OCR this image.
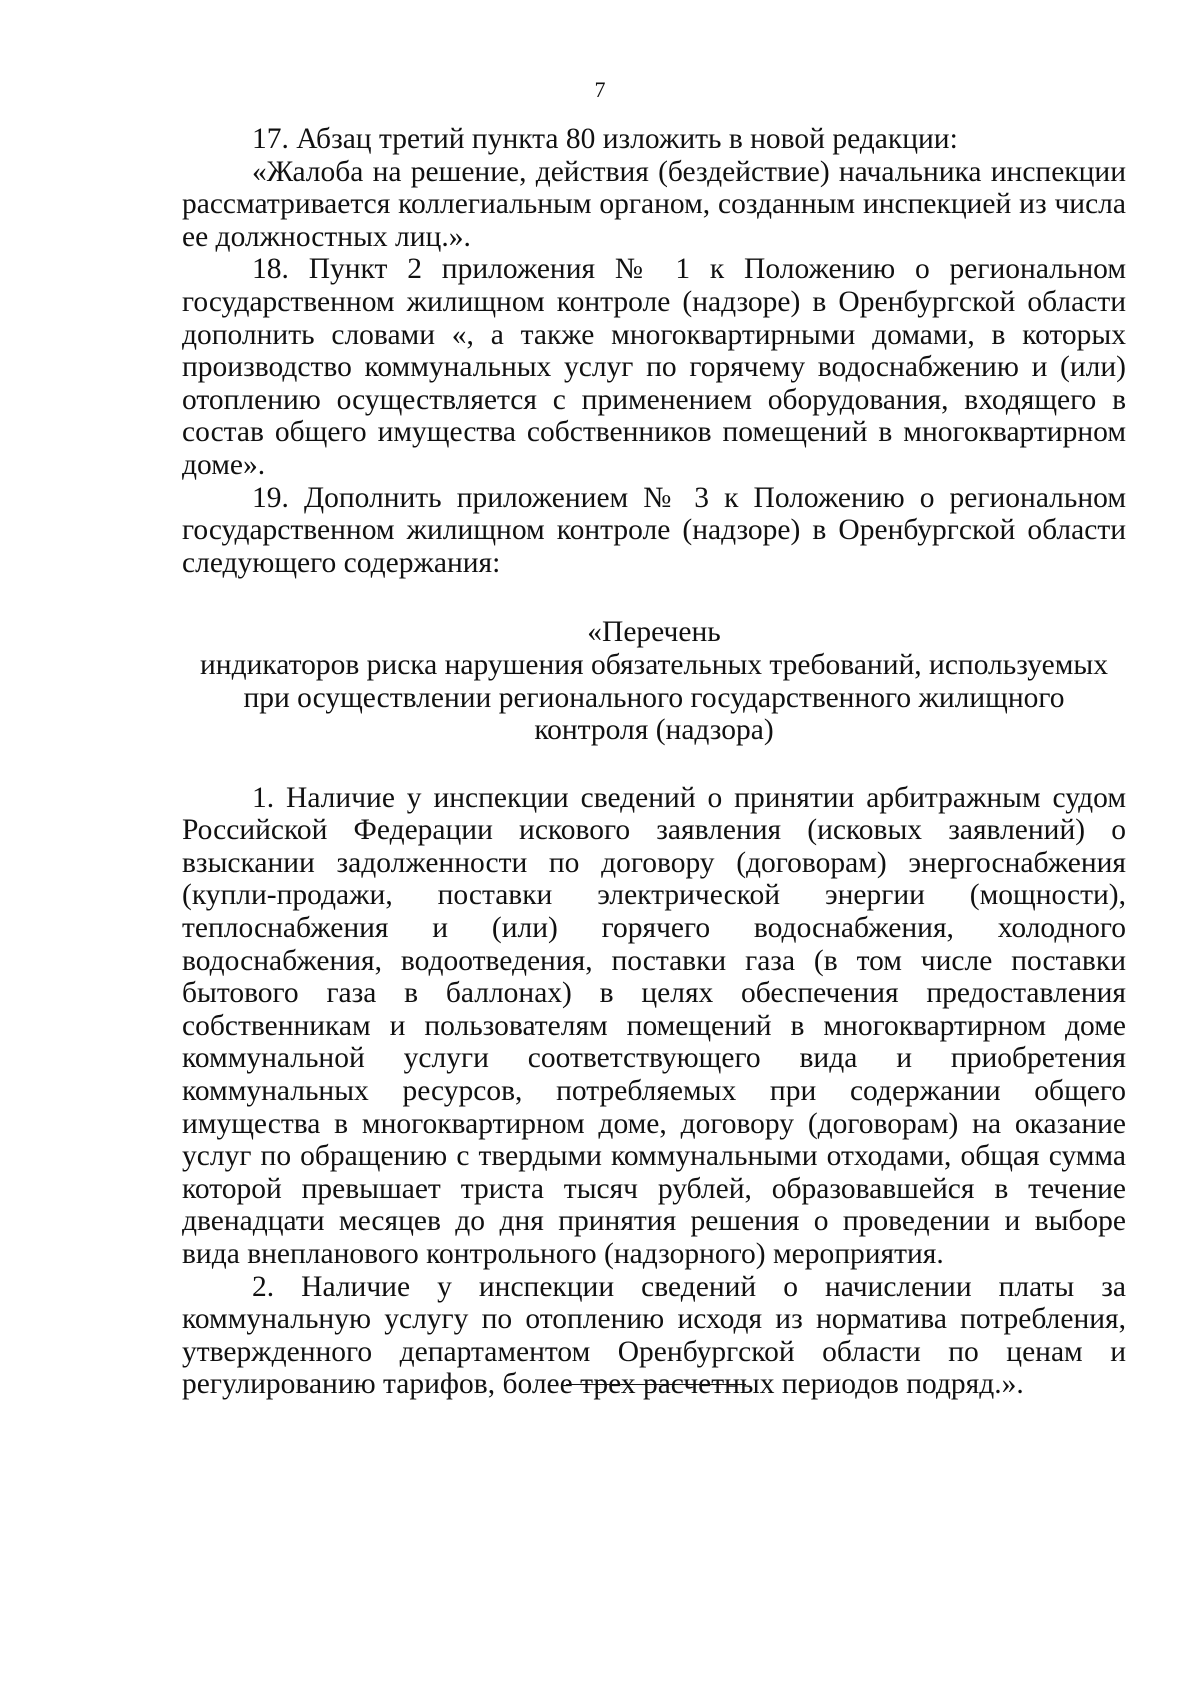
7

17. Абзац третий пункта 80 изложить в новой редакции:

«Жалоба на решение, действия (бездействие) начальника инспекции рассматривается коллегиальным органом, созданным инспекцией из числа ее должностных лиц.».

18. Пункт 2 приложения № 1 к Положению о региональном государственном жилищном контроле (надзоре) в Оренбургской области дополнить словами «, а также многоквартирными домами, в которых производство коммунальных услуг по горячему водоснабжению и (или) отоплению осуществляется с применением оборудования, входящего в состав общего имущества собственников помещений в многоквартирном доме».

19. Дополнить приложением № 3 к Положению о региональном государственном жилищном контроле (надзоре) в Оренбургской области следующего содержания:

«Перечень
индикаторов риска нарушения обязательных требований, используемых
при осуществлении регионального государственного жилищного
контроля (надзора)

1. Наличие у инспекции сведений о принятии арбитражным судом Российской Федерации искового заявления (исковых заявлений) о взыскании задолженности по договору (договорам) энергоснабжения (купли-продажи, поставки электрической энергии (мощности), теплоснабжения и (или) горячего водоснабжения, холодного водоснабжения, водоотведения, поставки газа (в том числе поставки бытового газа в баллонах) в целях обеспечения предоставления собственникам и пользователям помещений в многоквартирном доме коммунальной услуги соответствующего вида и приобретения коммунальных ресурсов, потребляемых при содержании общего имущества в многоквартирном доме, договору (договорам) на оказание услуг по обращению с твердыми коммунальными отходами, общая сумма которой превышает триста тысяч рублей, образовавшейся в течение двенадцати месяцев до дня принятия решения о проведении и выборе вида внепланового контрольного (надзорного) мероприятия.

2. Наличие у инспекции сведений о начислении платы за коммунальную услугу по отоплению исходя из норматива потребления, утвержденного департаментом Оренбургской области по ценам и регулированию тарифов, более трех расчетных периодов подряд.».
